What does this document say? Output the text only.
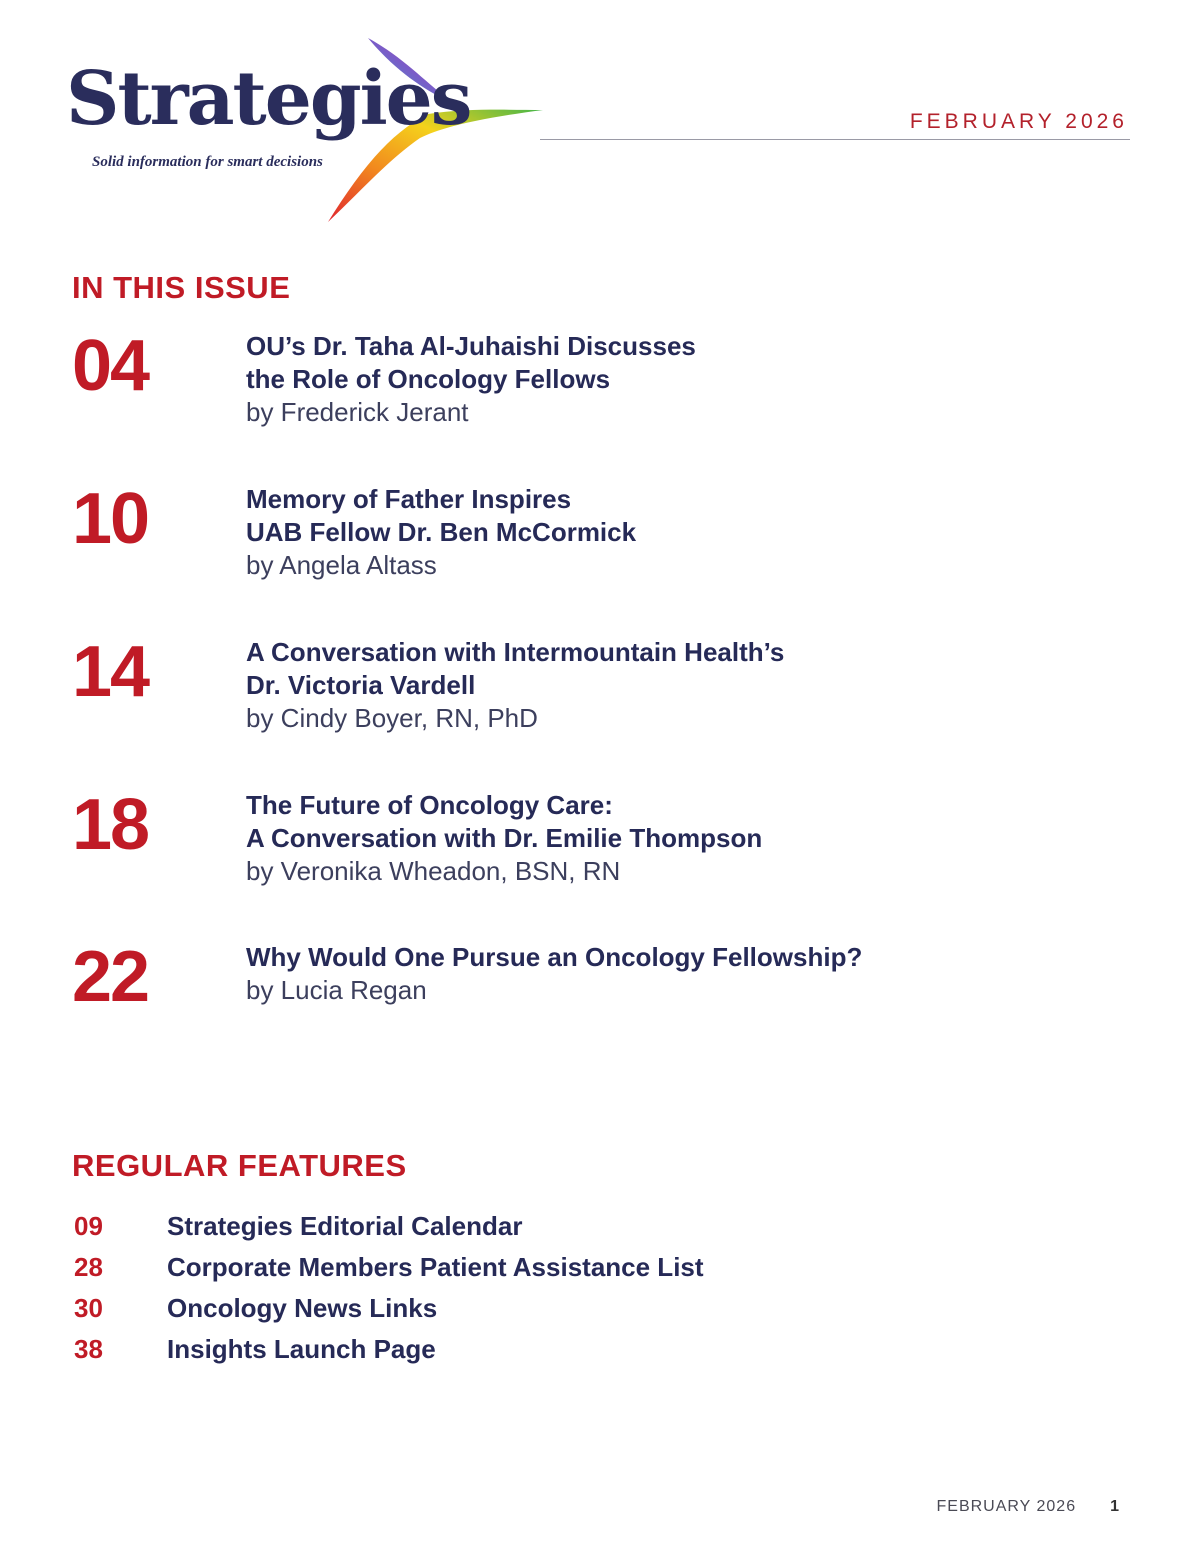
Strategies
Solid information for smart decisions
FEBRUARY 2026
IN THIS ISSUE
04	OU’s Dr. Taha Al-Juhaishi Discusses
the Role of Oncology Fellows
by Frederick Jerant
10	Memory of Father Inspires
UAB Fellow Dr. Ben McCormick
by Angela Altass
14	A Conversation with Intermountain Health’s
Dr. Victoria Vardell
by Cindy Boyer, RN, PhD
18	The Future of Oncology Care:
A Conversation with Dr. Emilie Thompson
by Veronika Wheadon, BSN, RN
22	Why Would One Pursue an Oncology Fellowship?
by Lucia Regan
REGULAR FEATURES
09 Strategies Editorial Calendar
28 Corporate Members Patient Assistance List
30 Oncology News Links
38 Insights Launch Page
FEBRUARY 2026 1
